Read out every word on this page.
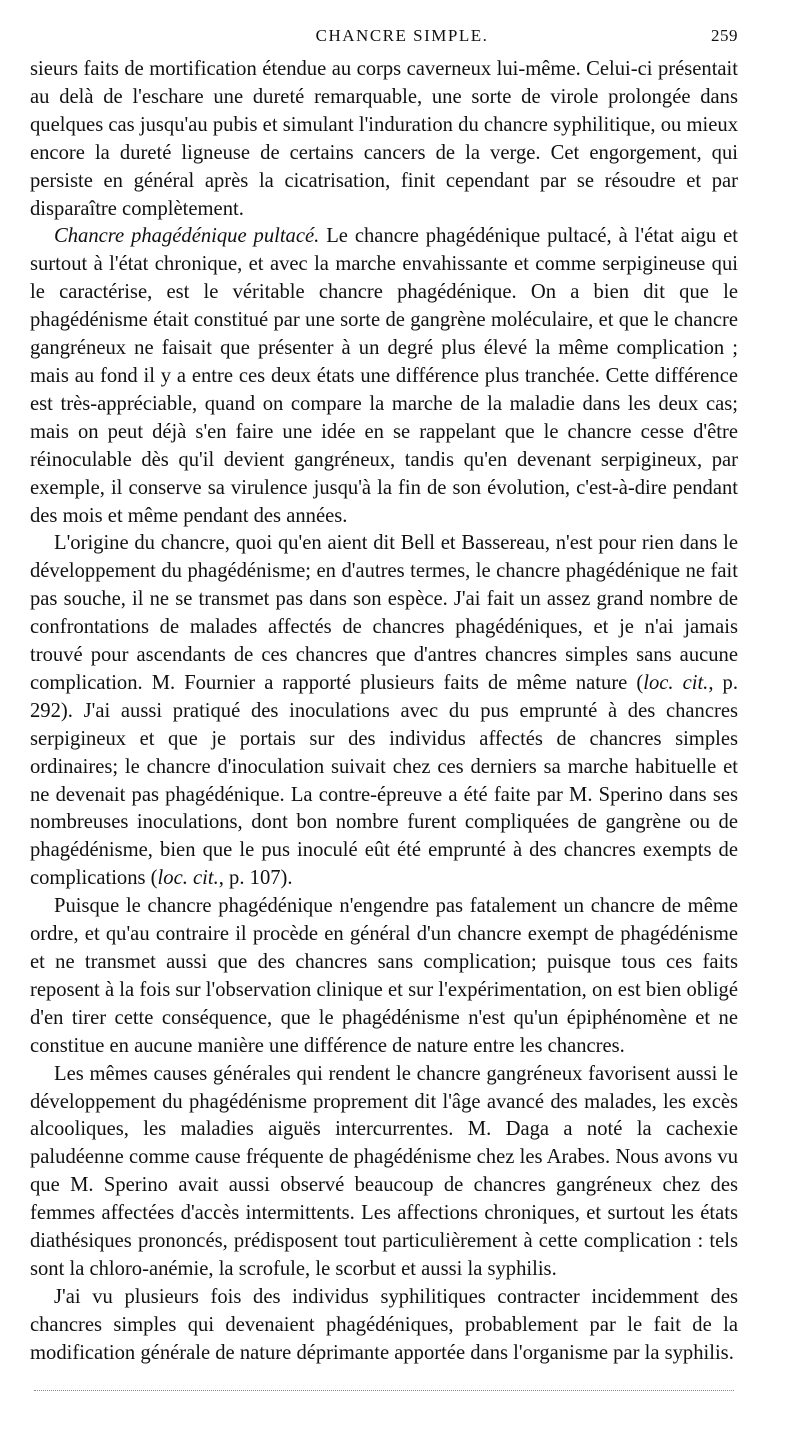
CHANCRE SIMPLE.	259

sieurs faits de mortification étendue au corps caverneux lui-même. Celui-ci présentait au delà de l'eschare une dureté remarquable, une sorte de virole prolongée dans quelques cas jusqu'au pubis et simulant l'induration du chancre syphilitique, ou mieux encore la dureté ligneuse de certains cancers de la verge. Cet engorgement, qui persiste en général après la cicatrisation, finit cependant par se résoudre et par disparaître complètement.

Chancre phagédénique pultacé. Le chancre phagédénique pultacé, à l'état aigu et surtout à l'état chronique, et avec la marche envahissante et comme serpigineuse qui le caractérise, est le véritable chancre phagédénique. On a bien dit que le phagédénisme était constitué par une sorte de gangrène moléculaire, et que le chancre gangréneux ne faisait que présenter à un degré plus élevé la même complication ; mais au fond il y a entre ces deux états une différence plus tranchée. Cette différence est très-appréciable, quand on compare la marche de la maladie dans les deux cas; mais on peut déjà s'en faire une idée en se rappelant que le chancre cesse d'être réinoculable dès qu'il devient gangréneux, tandis qu'en devenant serpigineux, par exemple, il conserve sa virulence jusqu'à la fin de son évolution, c'est-à-dire pendant des mois et même pendant des années.

L'origine du chancre, quoi qu'en aient dit Bell et Bassereau, n'est pour rien dans le développement du phagédénisme; en d'autres termes, le chancre phagédénique ne fait pas souche, il ne se transmet pas dans son espèce. J'ai fait un assez grand nombre de confrontations de malades affectés de chancres phagédéniques, et je n'ai jamais trouvé pour ascendants de ces chancres que d'antres chancres simples sans aucune complication. M. Fournier a rapporté plusieurs faits de même nature (loc. cit., p. 292). J'ai aussi pratiqué des inoculations avec du pus emprunté à des chancres serpigineux et que je portais sur des individus affectés de chancres simples ordinaires; le chancre d'inoculation suivait chez ces derniers sa marche habituelle et ne devenait pas phagédénique. La contre-épreuve a été faite par M. Sperino dans ses nombreuses inoculations, dont bon nombre furent compliquées de gangrène ou de phagédénisme, bien que le pus inoculé eût été emprunté à des chancres exempts de complications (loc. cit., p. 107).

Puisque le chancre phagédénique n'engendre pas fatalement un chancre de même ordre, et qu'au contraire il procède en général d'un chancre exempt de phagédénisme et ne transmet aussi que des chancres sans complication; puisque tous ces faits reposent à la fois sur l'observation clinique et sur l'expérimentation, on est bien obligé d'en tirer cette conséquence, que le phagédénisme n'est qu'un épiphénomène et ne constitue en aucune manière une différence de nature entre les chancres.

Les mêmes causes générales qui rendent le chancre gangréneux favorisent aussi le développement du phagédénisme proprement dit l'âge avancé des malades, les excès alcooliques, les maladies aiguës intercurrentes. M. Daga a noté la cachexie paludéenne comme cause fréquente de phagédénisme chez les Arabes. Nous avons vu que M. Sperino avait aussi observé beaucoup de chancres gangréneux chez des femmes affectées d'accès intermittents. Les affections chroniques, et surtout les états diathésiques prononcés, prédisposent tout particulièrement à cette complication : tels sont la chloro-anémie, la scrofule, le scorbut et aussi la syphilis.

J'ai vu plusieurs fois des individus syphilitiques contracter incidemment des chancres simples qui devenaient phagédéniques, probablement par le fait de la modification générale de nature déprimante apportée dans l'organisme par la syphilis.
